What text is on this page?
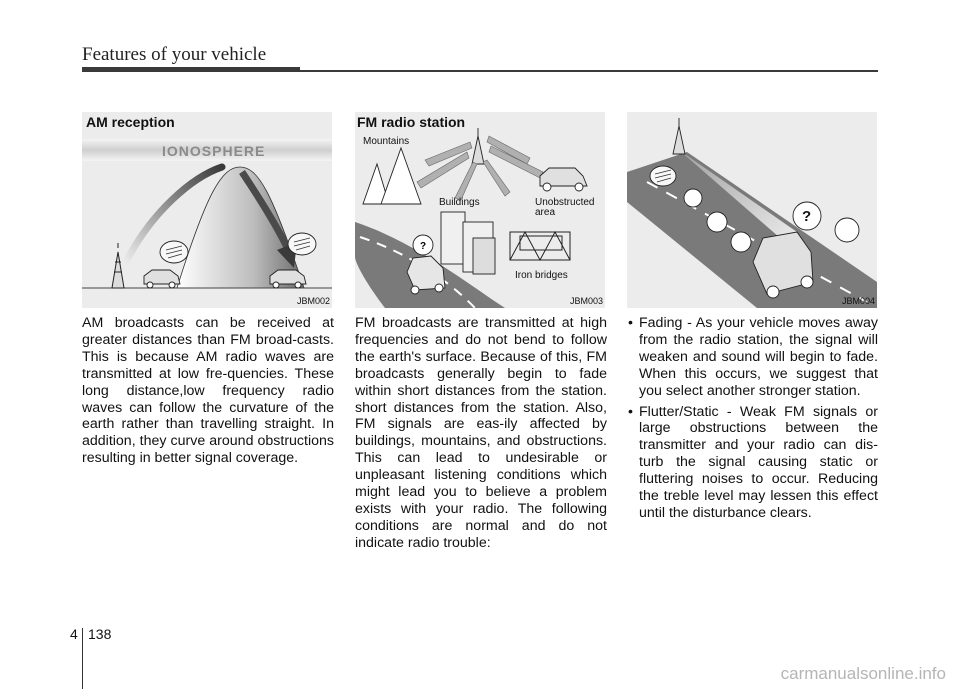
Features of your vehicle
AM reception
IONOSPHERE
JBM002
?
FM radio station
Mountains
Buildings	Unobstructed
area
Iron bridges
JBM003
?
JBM004

AM broadcasts can be received at greater distances than FM broad-casts. This is because AM radio waves are transmitted at low fre-quencies. These long distance,low frequency radio waves can follow the curvature of the earth rather than travelling straight. In addition, they curve around obstructions resulting in better signal coverage.

FM broadcasts are transmitted at high frequencies and do not bend to follow the earth's surface. Because of this, FM broadcasts generally begin to fade within short distances from the station. short distances from the station. Also, FM signals are eas-ily affected by buildings, mountains, and obstructions. This can lead to undesirable or unpleasant listening conditions which might lead you to believe a problem exists with your radio. The following conditions are normal and do not indicate radio trouble:

• Fading - As your vehicle moves away from the radio station, the signal will weaken and sound will begin to fade. When this occurs, we suggest that you select another stronger station.
• Flutter/Static - Weak FM signals or large obstructions between the transmitter and your radio can dis-turb the signal causing static or fluttering noises to occur. Reducing the treble level may lessen this effect until the disturbance clears.
4 138
carmanualsonline.info
